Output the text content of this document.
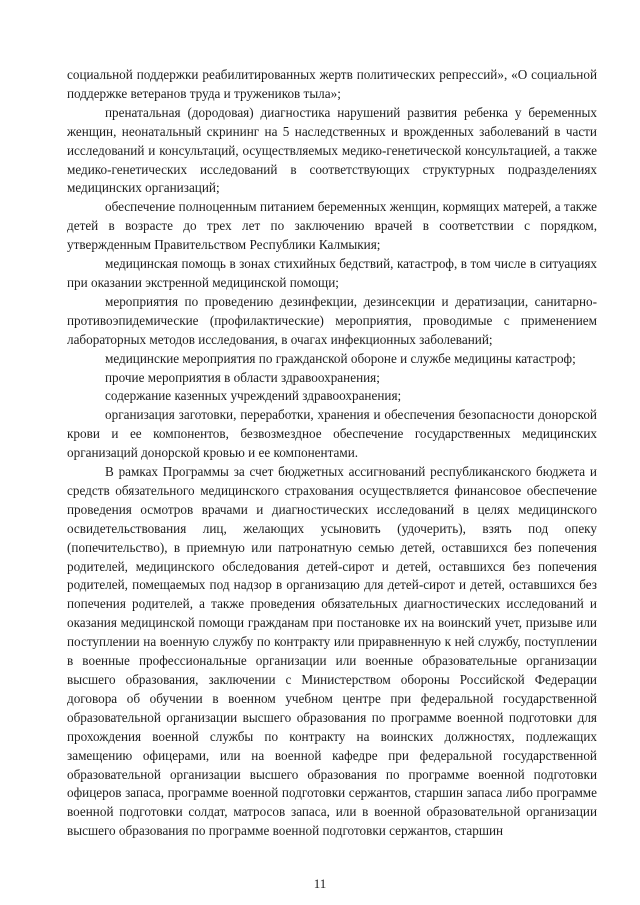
социальной поддержки реабилитированных жертв политических репрессий», «О социальной поддержке ветеранов труда и тружеников тыла»;

пренатальная (дородовая) диагностика нарушений развития ребенка у беременных женщин, неонатальный скрининг на 5 наследственных и врожденных заболеваний в части исследований и консультаций, осуществляемых медико-генетической консультацией, а также медико-генетических исследований в соответствующих структурных подразделениях медицинских организаций;

обеспечение полноценным питанием беременных женщин, кормящих матерей, а также детей в возрасте до трех лет по заключению врачей в соответствии с порядком, утвержденным Правительством Республики Калмыкия;

медицинская помощь в зонах стихийных бедствий, катастроф, в том числе в ситуациях при оказании экстренной медицинской помощи;

мероприятия по проведению дезинфекции, дезинсекции и дератизации, санитарно-противоэпидемические (профилактические) мероприятия, проводимые с применением лабораторных методов исследования, в очагах инфекционных заболеваний;

медицинские мероприятия по гражданской обороне и службе медицины катастроф;

прочие мероприятия в области здравоохранения;

содержание казенных учреждений здравоохранения;

организация заготовки, переработки, хранения и обеспечения безопасности донорской крови и ее компонентов, безвозмездное обеспечение государственных медицинских организаций донорской кровью и ее компонентами.

В рамках Программы за счет бюджетных ассигнований республиканского бюджета и средств обязательного медицинского страхования осуществляется финансовое обеспечение проведения осмотров врачами и диагностических исследований в целях медицинского освидетельствования лиц, желающих усыновить (удочерить), взять под опеку (попечительство), в приемную или патронатную семью детей, оставшихся без попечения родителей, медицинского обследования детей-сирот и детей, оставшихся без попечения родителей, помещаемых под надзор в организацию для детей-сирот и детей, оставшихся без попечения родителей, а также проведения обязательных диагностических исследований и оказания медицинской помощи гражданам при постановке их на воинский учет, призыве или поступлении на военную службу по контракту или приравненную к ней службу, поступлении в военные профессиональные организации или военные образовательные организации высшего образования, заключении с Министерством обороны Российской Федерации договора об обучении в военном учебном центре при федеральной государственной образовательной организации высшего образования по программе военной подготовки для прохождения военной службы по контракту на воинских должностях, подлежащих замещению офицерами, или на военной кафедре при федеральной государственной образовательной организации высшего образования по программе военной подготовки офицеров запаса, программе военной подготовки сержантов, старшин запаса либо программе военной подготовки солдат, матросов запаса, или в военной образовательной организации высшего образования по программе военной подготовки сержантов, старшин

11
